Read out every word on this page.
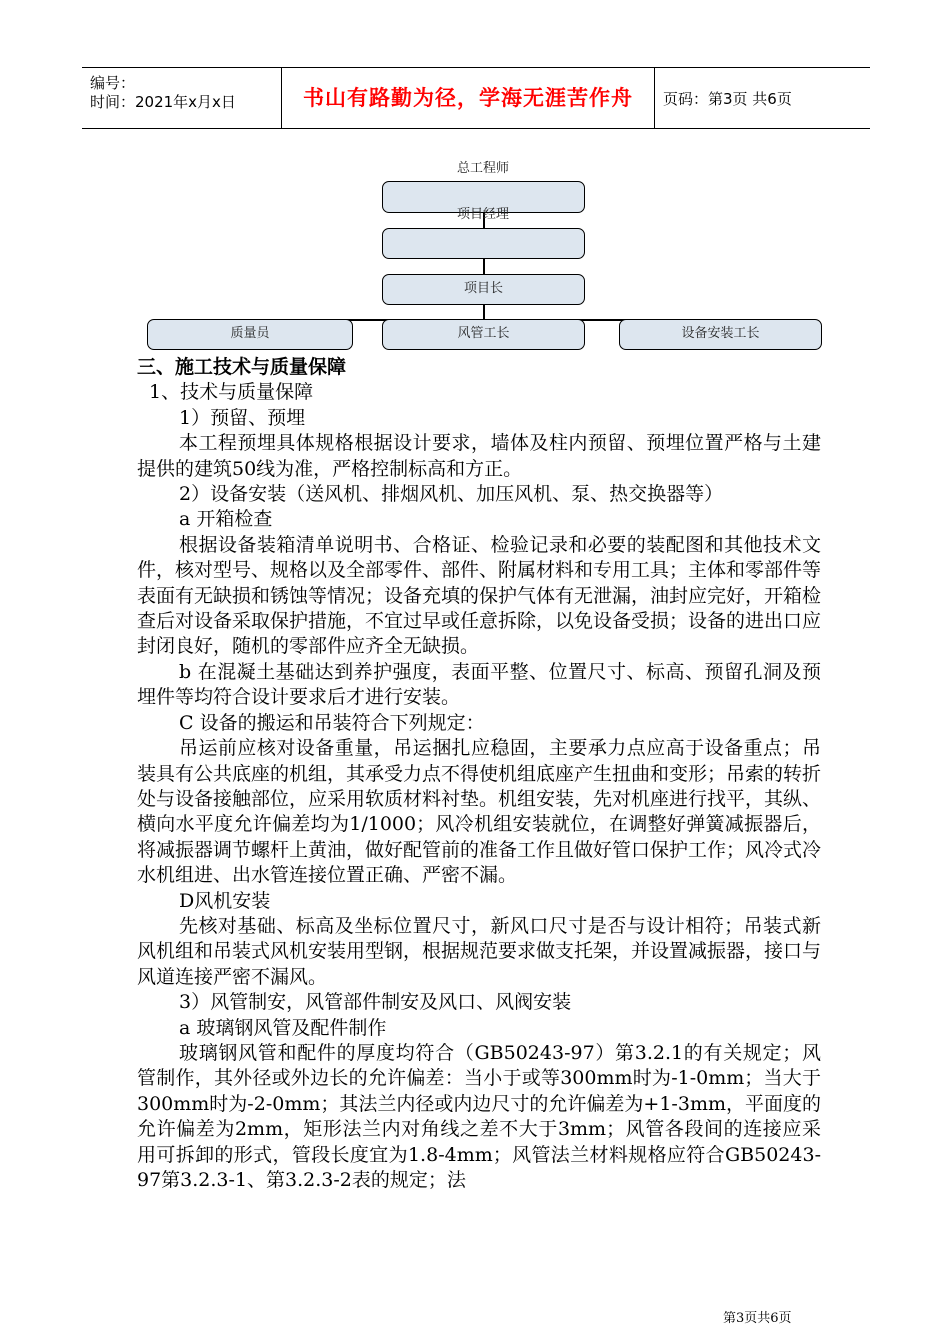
编号：
时间：2021年x月x日	书山有路勤为径，学海无涯苦作舟	页码：第3页 共6页
总工程师
项目经理
项目长
质量员	风管工长	设备安装工长

三、施工技术与质量保障

1、技术与质量保障

1）预留、预埋

本工程预埋具体规格根据设计要求，墙体及柱内预留、预埋位置严格与土建提供的建筑50线为准，严格控制标高和方正。

2）设备安装（送风机、排烟风机、加压风机、泵、热交换器等）

a 开箱检查

根据设备装箱清单说明书、合格证、检验记录和必要的装配图和其他技术文件，核对型号、规格以及全部零件、部件、附属材料和专用工具；主体和零部件等表面有无缺损和锈蚀等情况；设备充填的保护气体有无泄漏，油封应完好，开箱检查后对设备采取保护措施，不宜过早或任意拆除，以免设备受损；设备的进出口应封闭良好，随机的零部件应齐全无缺损。

b 在混凝土基础达到养护强度，表面平整、位置尺寸、标高、预留孔洞及预埋件等均符合设计要求后才进行安装。

C 设备的搬运和吊装符合下列规定：

吊运前应核对设备重量，吊运捆扎应稳固，主要承力点应高于设备重点；吊装具有公共底座的机组，其承受力点不得使机组底座产生扭曲和变形；吊索的转折处与设备接触部位，应采用软质材料衬垫。机组安装，先对机座进行找平，其纵、横向水平度允许偏差均为1/1000；风冷机组安装就位，在调整好弹簧减振器后，将减振器调节螺杆上黄油，做好配管前的准备工作且做好管口保护工作；风冷式冷水机组进、出水管连接位置正确、严密不漏。

D风机安装

先核对基础、标高及坐标位置尺寸，新风口尺寸是否与设计相符；吊装式新风机组和吊装式风机安装用型钢，根据规范要求做支托架，并设置减振器，接口与风道连接严密不漏风。

3）风管制安，风管部件制安及风口、风阀安装

a 玻璃钢风管及配件制作

玻璃钢风管和配件的厚度均符合（GB50243-97）第3.2.1的有关规定；风管制作，其外径或外边长的允许偏差：当小于或等300mm时为-1-0mm；当大于300mm时为-2-0mm；其法兰内径或内边尺寸的允许偏差为+1-3mm，平面度的允许偏差为2mm，矩形法兰内对角线之差不大于3mm；风管各段间的连接应采用可拆卸的形式，管段长度宜为1.8-4mm；风管法兰材料规格应符合GB50243-97第3.2.3-1、第3.2.3-2表的规定；法

第3页共6页
